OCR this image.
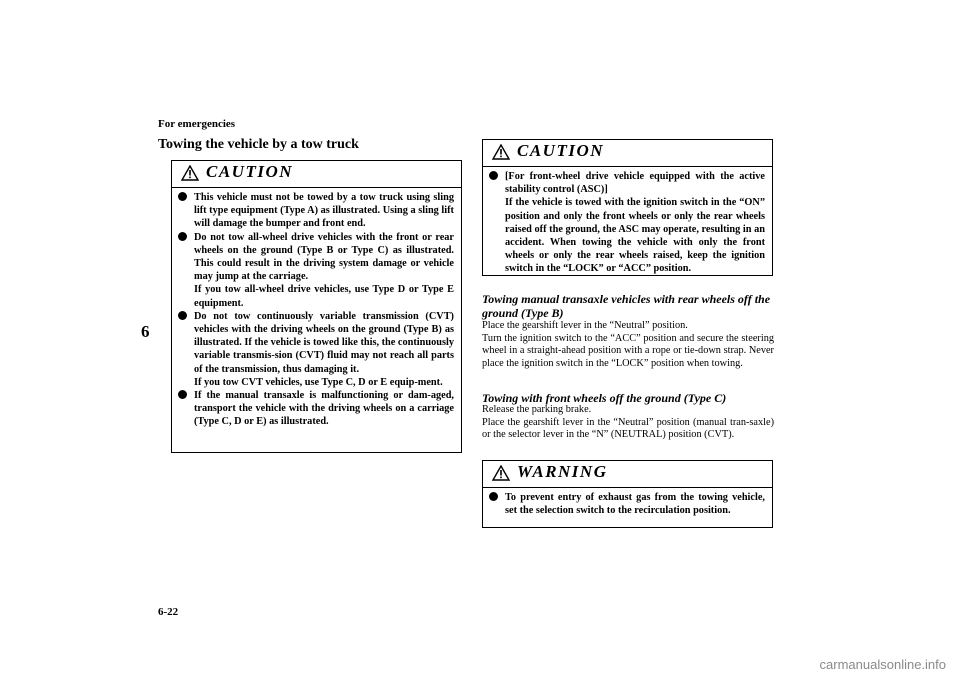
For emergencies
Towing the vehicle by a tow truck
6
CAUTION
This vehicle must not be towed by a tow truck using sling lift type equipment (Type A) as illustrated. Using a sling lift will damage the bumper and front end.
Do not tow all-wheel drive vehicles with the front or rear wheels on the ground (Type B or Type C) as illustrated. This could result in the driving system damage or vehicle may jump at the carriage.
If you tow all-wheel drive vehicles, use Type D or Type E equipment.
Do not tow continuously variable transmission (CVT) vehicles with the driving wheels on the ground (Type B) as illustrated. If the vehicle is towed like this, the continuously variable transmis-sion (CVT) fluid may not reach all parts of the transmission, thus damaging it.
If you tow CVT vehicles, use Type C, D or E equip-ment.
If the manual transaxle is malfunctioning or dam-aged, transport the vehicle with the driving wheels on a carriage (Type C, D or E) as illustrated.
CAUTION
[For front-wheel drive vehicle equipped with the active stability control (ASC)]
If the vehicle is towed with the ignition switch in the “ON” position and only the front wheels or only the rear wheels raised off the ground, the ASC may operate, resulting in an accident. When towing the vehicle with only the front wheels or only the rear wheels raised, keep the ignition switch in the “LOCK” or “ACC” position.
Towing manual transaxle vehicles with rear wheels off the ground (Type B)
Place the gearshift lever in the “Neutral” position.
Turn the ignition switch to the “ACC” position and secure the steering wheel in a straight-ahead position with a rope or tie-down strap. Never place the ignition switch in the “LOCK” position when towing.
Towing with front wheels off the ground (Type C)
Release the parking brake.
Place the gearshift lever in the “Neutral” position (manual tran-saxle) or the selector lever in the “N” (NEUTRAL) position (CVT).
WARNING
To prevent entry of exhaust gas from the towing vehicle, set the selection switch to the recirculation position.
6-22
carmanualsonline.info
